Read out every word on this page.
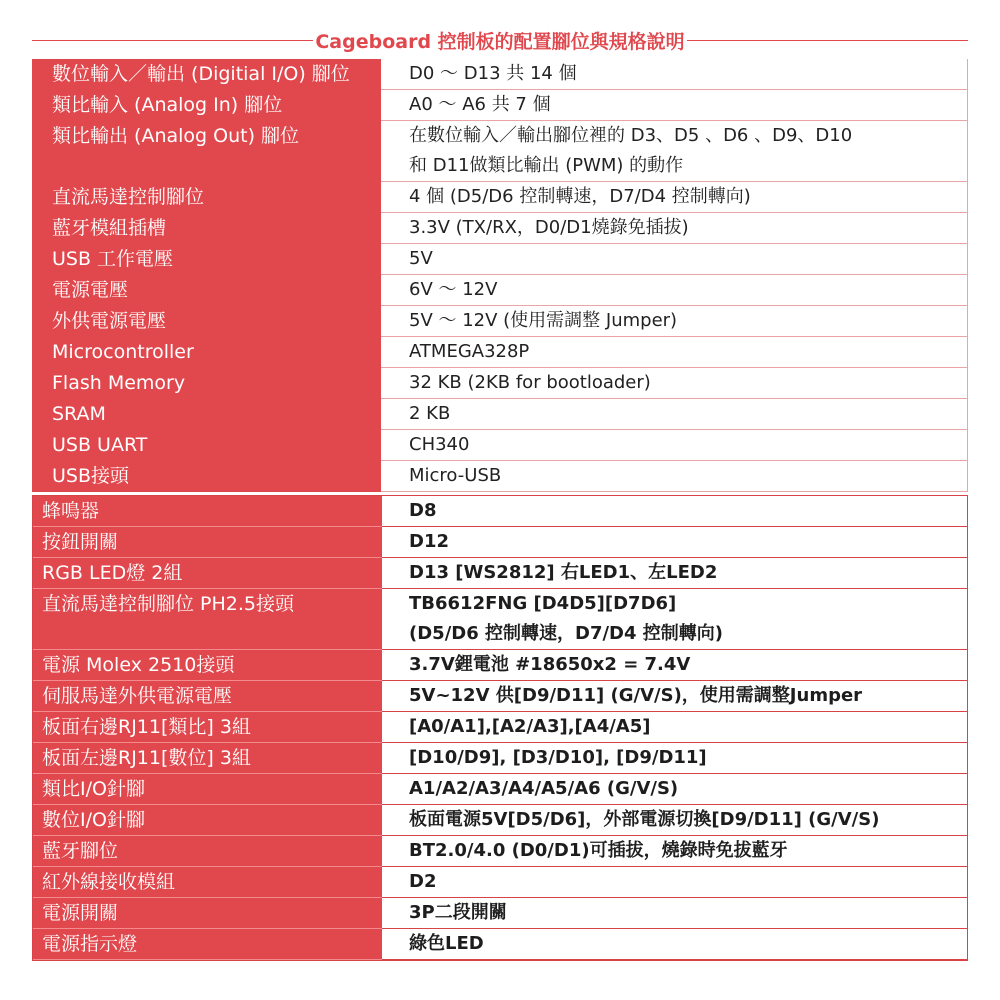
Cageboard 控制板的配置腳位與規格說明
數位輸入／輸出 (Digitial I/O) 腳位	D0 ～ D13 共 14 個
類比輸入 (Analog In) 腳位	A0 ～ A6 共 7 個
類比輸出 (Analog Out) 腳位	在數位輸入／輸出腳位裡的 D3、D5 、D6 、D9、D10
和 D11做類比輸出 (PWM) 的動作
直流馬達控制腳位	4 個 (D5/D6 控制轉速，D7/D4 控制轉向)
藍牙模組插槽	3.3V (TX/RX，D0/D1燒錄免插拔)
USB 工作電壓	5V
電源電壓	6V ～ 12V
外供電源電壓	5V ～ 12V (使用需調整 Jumper)
Microcontroller	ATMEGA328P
Flash Memory	32 KB (2KB for bootloader)
SRAM	2 KB
USB UART	CH340
USB接頭	Micro-USB
蜂鳴器	D8
按鈕開關	D12
RGB LED燈 2組	D13 [WS2812] 右LED1、左LED2
直流馬達控制腳位 PH2.5接頭	TB6612FNG [D4D5][D7D6]
(D5/D6 控制轉速，D7/D4 控制轉向)
電源 Molex 2510接頭	3.7V鋰電池 #18650x2 = 7.4V
伺服馬達外供電源電壓	5V~12V 供[D9/D11] (G/V/S)，使用需調整Jumper
板面右邊RJ11[類比] 3組	[A0/A1],[A2/A3],[A4/A5]
板面左邊RJ11[數位] 3組	[D10/D9], [D3/D10], [D9/D11]
類比I/O針腳	A1/A2/A3/A4/A5/A6 (G/V/S)
數位I/O針腳	板面電源5V[D5/D6]，外部電源切換[D9/D11] (G/V/S)
藍牙腳位	BT2.0/4.0 (D0/D1)可插拔，燒錄時免拔藍牙
紅外線接收模組	D2
電源開關	3P二段開關
電源指示燈	綠色LED
